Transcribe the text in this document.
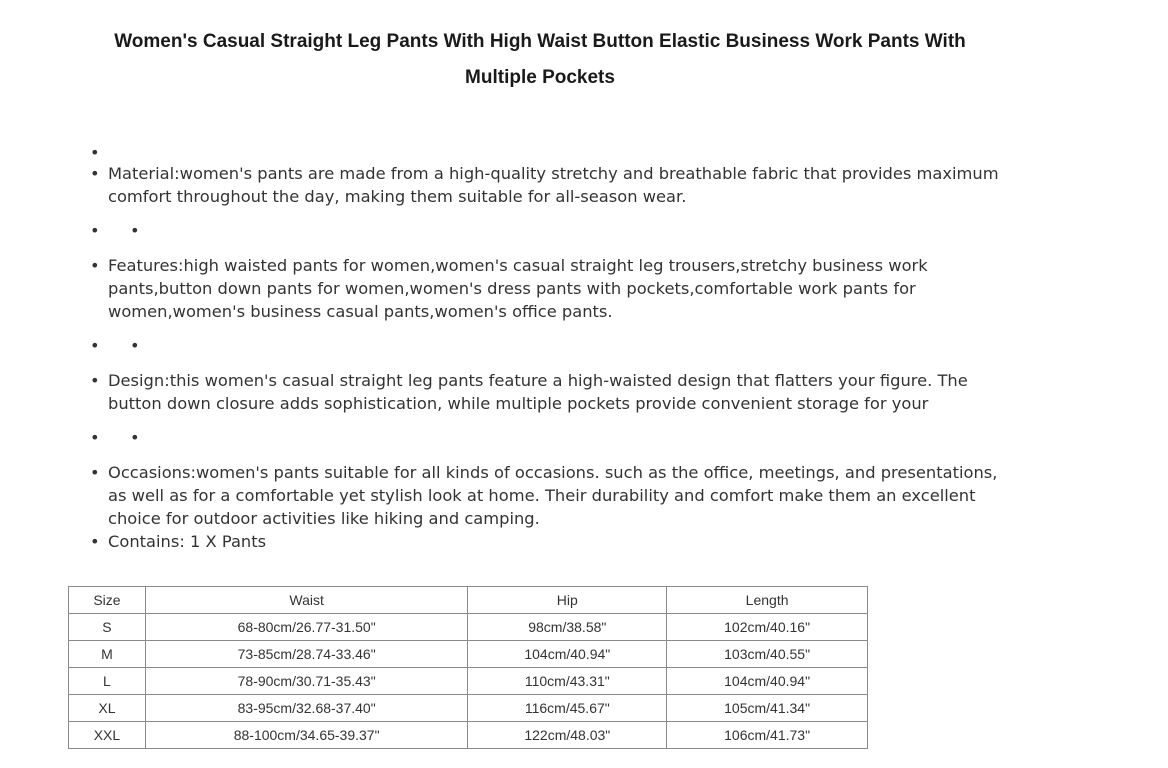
Women's Casual Straight Leg Pants With High Waist Button Elastic Business Work Pants With Multiple Pockets
•
• Material:women's pants are made from a high-quality stretchy and breathable fabric that provides maximum comfort throughout the day, making them suitable for all-season wear.
• •
• Features:high waisted pants for women,women's casual straight leg trousers,stretchy business work pants,button down pants for women,women's dress pants with pockets,comfortable work pants for women,women's business casual pants,women's office pants.
• •
• Design:this women's casual straight leg pants feature a high-waisted design that flatters your figure. The button down closure adds sophistication, while multiple pockets provide convenient storage for your
• •
• Occasions:women's pants suitable for all kinds of occasions. such as the office, meetings, and presentations, as well as for a comfortable yet stylish look at home. Their durability and comfort make them an excellent choice for outdoor activities like hiking and camping.
• Contains: 1 X Pants
Size	Waist	Hip	Length
S	68-80cm/26.77-31.50"	98cm/38.58"	102cm/40.16"
M	73-85cm/28.74-33.46"	104cm/40.94"	103cm/40.55"
L	78-90cm/30.71-35.43"	110cm/43.31"	104cm/40.94"
XL	83-95cm/32.68-37.40"	116cm/45.67"	105cm/41.34"
XXL	88-100cm/34.65-39.37"	122cm/48.03"	106cm/41.73"
